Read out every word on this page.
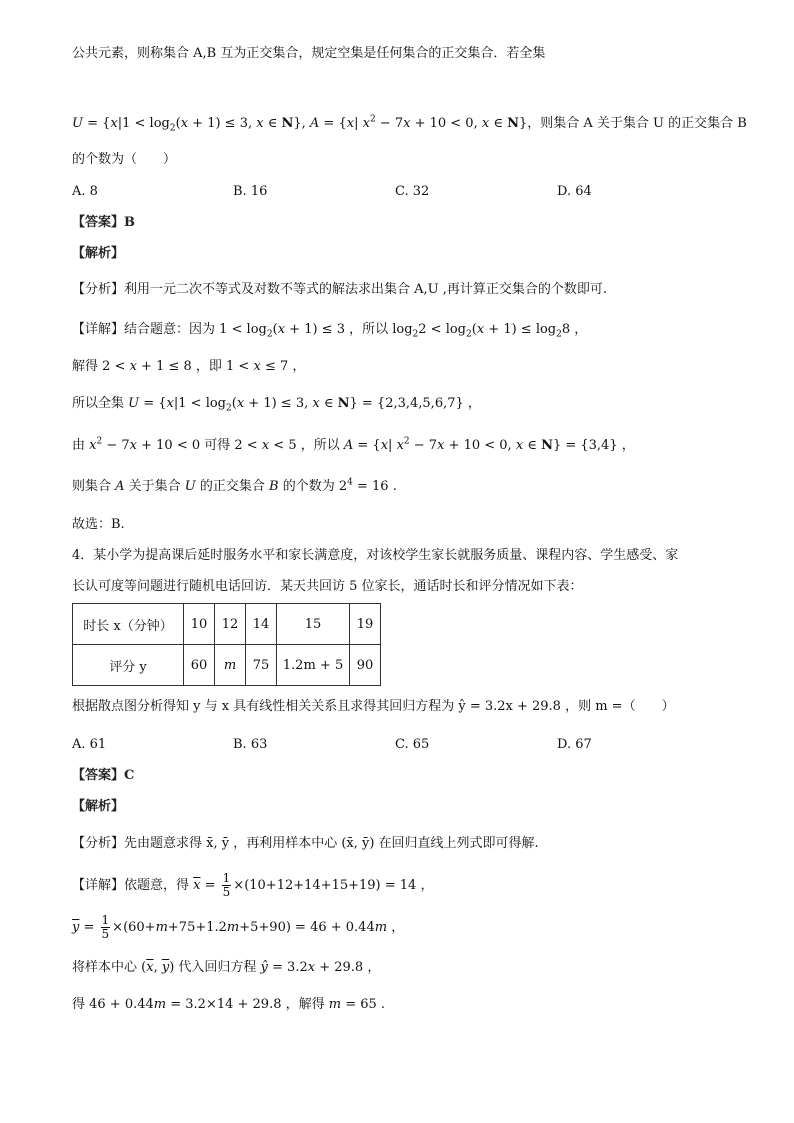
公共元素，则称集合 A,B 互为正交集合，规定空集是任何集合的正交集合．若全集
$U = \{x|1 < \log_2(x + 1) \le 3$, x ∈ N}, A = {x| $x^2 - 7x + 10 < 0$, x ∈ N}，则集合 A 关于集合 U 的正交集合 B
的个数为（　　）
A. 8	B. 16	C. 32	D. 64
【答案】B
【解析】
【分析】利用一元二次不等式及对数不等式的解法求出集合 A,U ,再计算正交集合的个数即可.
【详解】结合题意：因为 $1 < \log_2(x + 1) \le 3$ ，所以 $\log_22 < \log_2(x + 1) \le \log_28$ ，
解得 2 < x + 1 ≤ 8 ，即 1 < x ≤ 7 ，
所以全集 $U = \{x|1 < \log_2(x + 1) \le 3$, x ∈ N} = {2,3,4,5,6,7} ，
由 $x^2 - 7x + 10 < 0$ 可得 2 < x < 5 ，所以 A = {x| $x^2 - 7x + 10 < 0$, x ∈ N} = {3,4} ，
则集合 A 关于集合 U 的正交集合 B 的个数为 $2^4 = 16$ .
故选：B.
4．某小学为提高课后延时服务水平和家长满意度，对该校学生家长就服务质量、课程内容、学生感受、家
长认可度等问题进行随机电话回访．某天共回访 5 位家长，通话时长和评分情况如下表：
时长 x（分钟）	10	12	14	15	19
评分 y	60	m	75	1.2m + 5	90
根据散点图分析得知 y 与 x 具有线性相关关系且求得其回归方程为 ŷ = 3.2x + 29.8 ，则 m =（　　）
A. 61	B. 63	C. 65	D. 67
【答案】C
【解析】
【分析】先由题意求得 x̄, ȳ ，再利用样本中心 (x̄, ȳ) 在回归直线上列式即可得解.
【详解】依题意，得 $\overline{x} = \frac{1}{5} \times(10+12+14+15+19) = 14$ ，
$\overline{y} = \frac{1}{5} \times(60+m+75+1.2m+5+90) = 46 + 0.44m$ ，
将样本中心 ($\overline{x}$, $\overline{y}$) 代入回归方程 ŷ = 3.2x + 29.8 ，
得 46 + 0.44m = 3.2×14 + 29.8 ，解得 m = 65 .
